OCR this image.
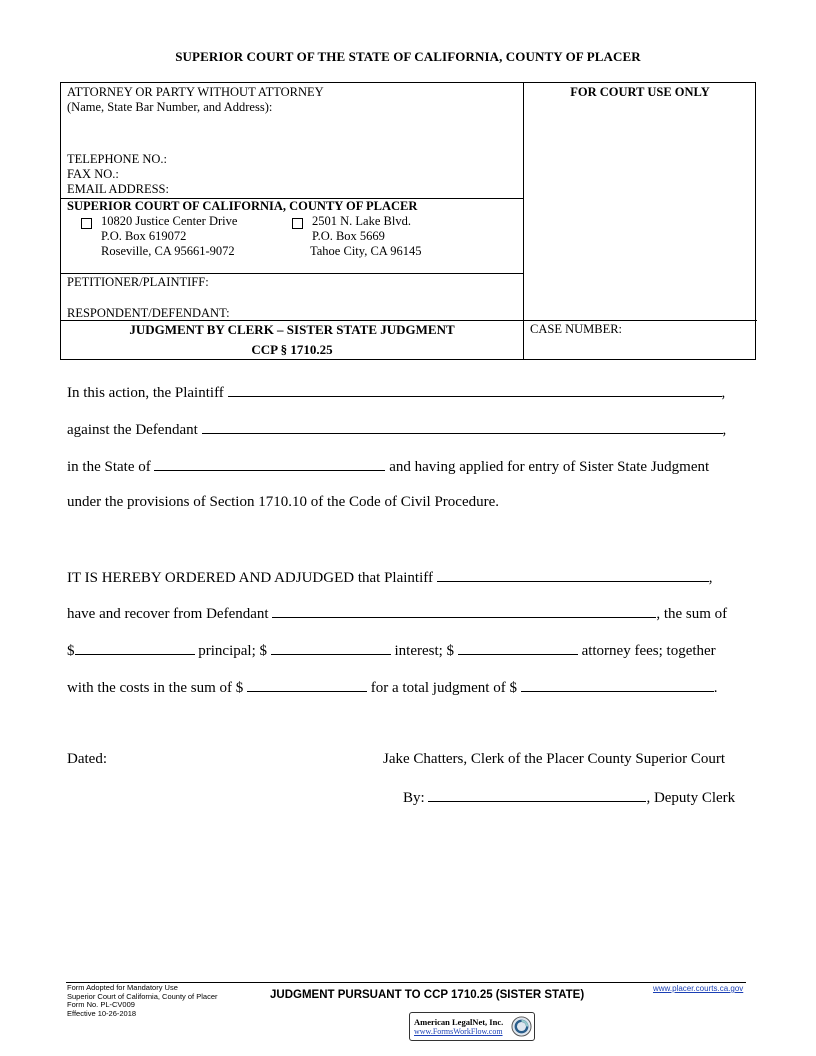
SUPERIOR COURT OF THE STATE OF CALIFORNIA, COUNTY OF PLACER
ATTORNEY OR PARTY WITHOUT ATTORNEY
(Name, State Bar Number, and Address):
TELEPHONE NO.:
FAX NO.:
EMAIL ADDRESS:
FOR COURT USE ONLY
SUPERIOR COURT OF CALIFORNIA, COUNTY OF PLACER
10820 Justice Center Drive
P.O. Box 619072
Roseville, CA 95661-9072
2501 N. Lake Blvd.
P.O. Box 5669
Tahoe City, CA 96145
PETITIONER/PLAINTIFF:
RESPONDENT/DEFENDANT:
JUDGMENT BY CLERK – SISTER STATE JUDGMENT
CCP § 1710.25
CASE NUMBER:
In this action, the Plaintiff	,
against the Defendant	,
in the State of	and having applied for entry of Sister State Judgment
under the provisions of Section 1710.10 of the Code of Civil Procedure.
IT IS HEREBY ORDERED AND ADJUDGED that Plaintiff	,
have and recover from Defendant	, the sum of
$	principal; $	interest; $	attorney fees; together
with the costs in the sum of $	for a total judgment of $	.
Dated:	Jake Chatters, Clerk of the Placer County Superior Court
By:	, Deputy Clerk
Form Adopted for Mandatory Use
Superior Court of California, County of Placer
Form No. PL-CV009
Effective 10-26-2018
JUDGMENT PURSUANT TO CCP 1710.25 (SISTER STATE)
www.placer.courts.ca.gov
American LegalNet, Inc.
www.FormsWorkFlow.com
